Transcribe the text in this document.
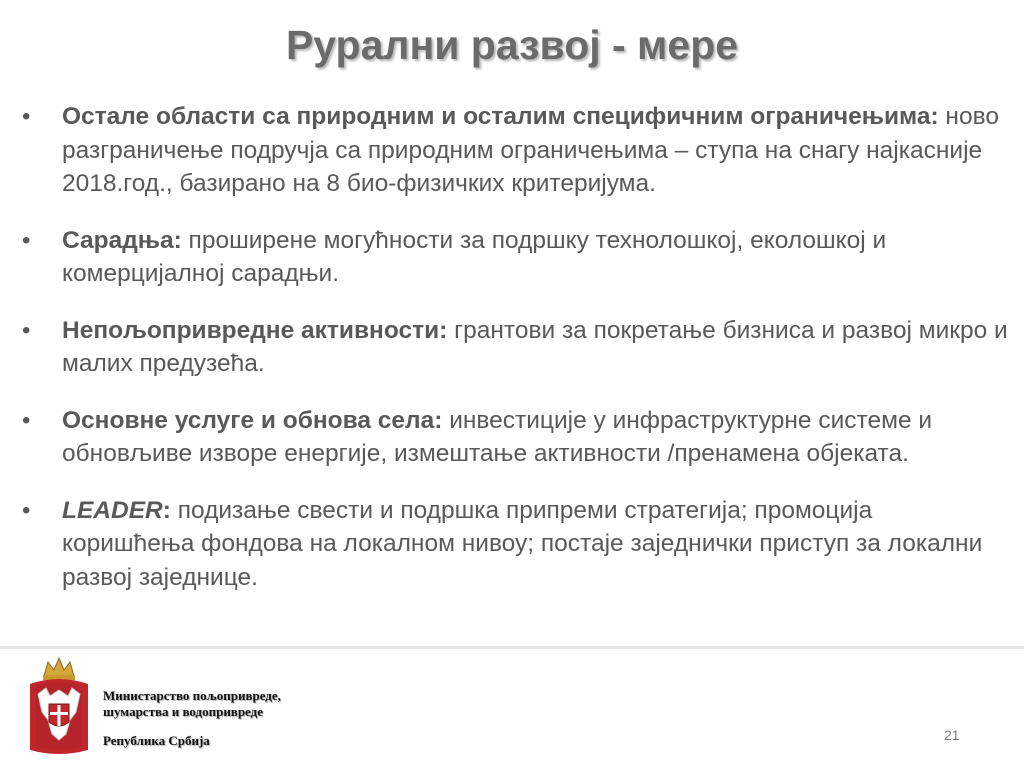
Рурални развој - мере
• Остале области са природним и осталим специфичним ограничењима: ново разграничење подручја са природним ограничењима – ступа на снагу најкасније 2018.год., базирано на 8 био-физичких критеријума.
• Сарадња: проширене могућности за подршку технолошкој, еколошкој и комерцијалној сарадњи.
• Непољопривредне активности: грантови за покретање бизниса и развој микро и малих предузећа.
• Основне услуге и обнова села: инвестиције у инфраструктурне системе и обновљиве изворе енергије, измештање активности /пренамена објеката.
• LEADER: подизање свести и подршка припреми стратегија; промоција коришћења фондова на локалном нивоу; постаје заједнички приступ за локални развој заједнице.
Министарство пољопривреде,
шумарства и водопривреде
Република Србија	21
